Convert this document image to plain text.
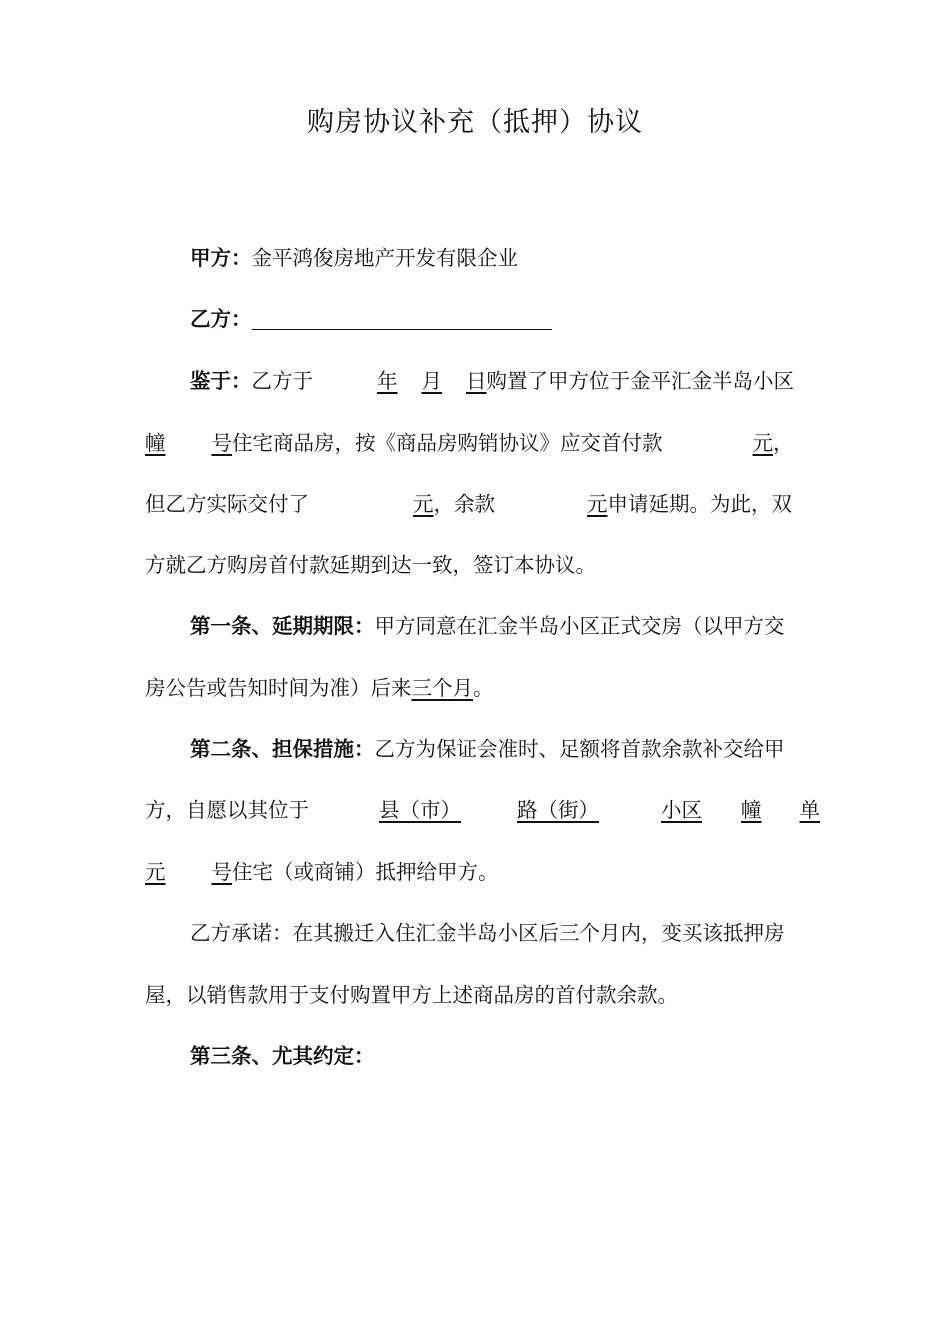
购房协议补充（抵押）协议
甲方：金平鸿俊房地产开发有限企业
乙方：
鉴于：乙方于	年 月 日购置了甲方位于金平汇金半岛小区
幢 号住宅商品房，按《商品房购销协议》应交首付款	元，
但乙方实际交付了	元，余款	元申请延期。为此，双
方就乙方购房首付款延期到达一致，签订本协议。
第一条、延期期限：甲方同意在汇金半岛小区正式交房（以甲方交
房公告或告知时间为准）后来三个月。
第二条、担保措施：乙方为保证会准时、足额将首款余款补交给甲
方，自愿以其位于	县（市）	路（街）	小区 幢 单
元 号住宅（或商铺）抵押给甲方。
乙方承诺：在其搬迁入住汇金半岛小区后三个月内，变买该抵押房
屋，以销售款用于支付购置甲方上述商品房的首付款余款。
第三条、尤其约定：
